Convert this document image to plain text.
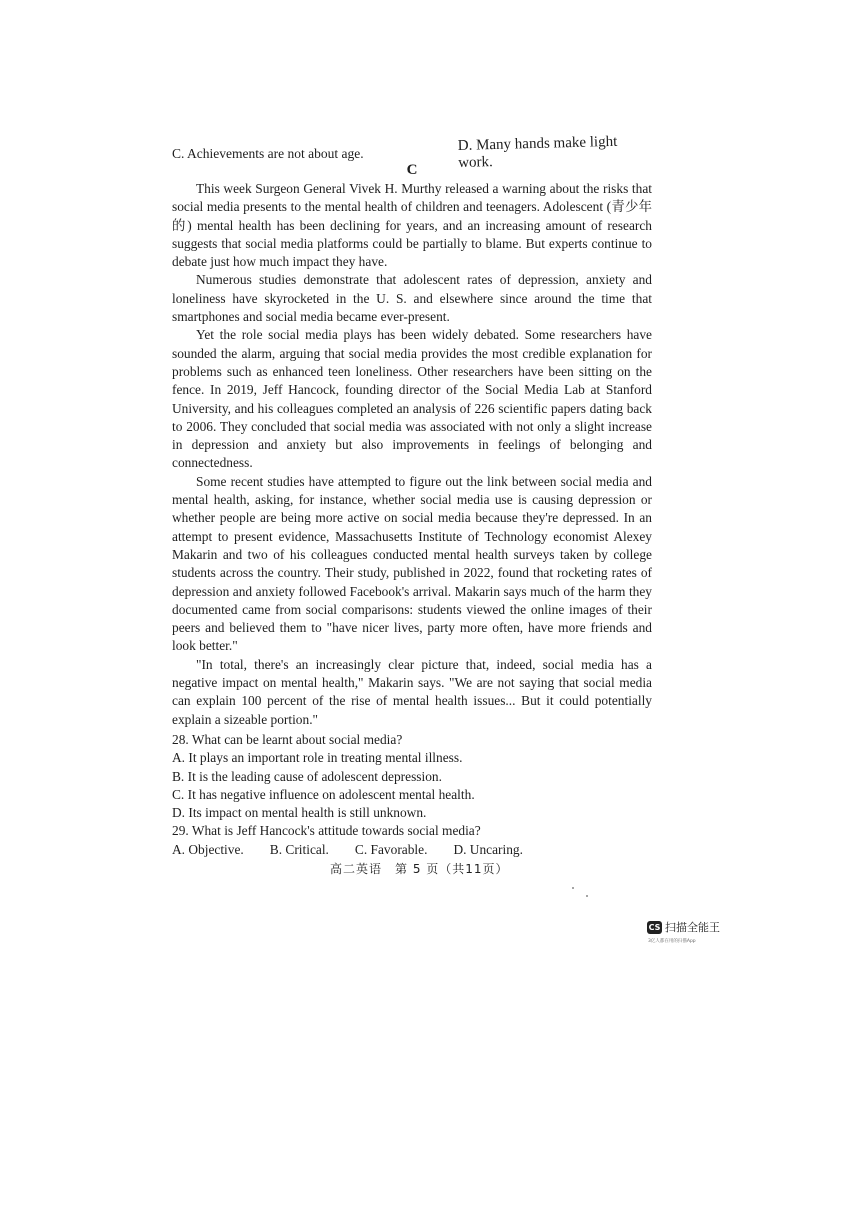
C. Achievements are not about age.	D. Many hands make light work.
C

This week Surgeon General Vivek H. Murthy released a warning about the risks that social media presents to the mental health of children and teenagers. Adolescent (青少年的) mental health has been declining for years, and an increasing amount of research suggests that social media platforms could be partially to blame. But experts continue to debate just how much impact they have.

Numerous studies demonstrate that adolescent rates of depression, anxiety and loneliness have skyrocketed in the U. S. and elsewhere since around the time that smartphones and social media became ever-present.

Yet the role social media plays has been widely debated. Some researchers have sounded the alarm, arguing that social media provides the most credible explanation for problems such as enhanced teen loneliness. Other researchers have been sitting on the fence. In 2019, Jeff Hancock, founding director of the Social Media Lab at Stanford University, and his colleagues completed an analysis of 226 scientific papers dating back to 2006. They concluded that social media was associated with not only a slight increase in depression and anxiety but also improvements in feelings of belonging and connectedness.

Some recent studies have attempted to figure out the link between social media and mental health, asking, for instance, whether social media use is causing depression or whether people are being more active on social media because they're depressed. In an attempt to present evidence, Massachusetts Institute of Technology economist Alexey Makarin and two of his colleagues conducted mental health surveys taken by college students across the country. Their study, published in 2022, found that rocketing rates of depression and anxiety followed Facebook's arrival. Makarin says much of the harm they documented came from social comparisons: students viewed the online images of their peers and believed them to "have nicer lives, party more often, have more friends and look better."

"In total, there's an increasingly clear picture that, indeed, social media has a negative impact on mental health," Makarin says. "We are not saying that social media can explain 100 percent of the rise of mental health issues... But it could potentially explain a sizeable portion."

28. What can be learnt about social media?

A. It plays an important role in treating mental illness.

B. It is the leading cause of adolescent depression.

C. It has negative influence on adolescent mental health.

D. Its impact on mental health is still unknown.

29. What is Jeff Hancock's attitude towards social media?

A. Objective. B. Critical. C. Favorable. D. Uncaring.
高二英语　第 5 页（共11页）
CS 扫描全能王
3亿人都在用的扫描App
